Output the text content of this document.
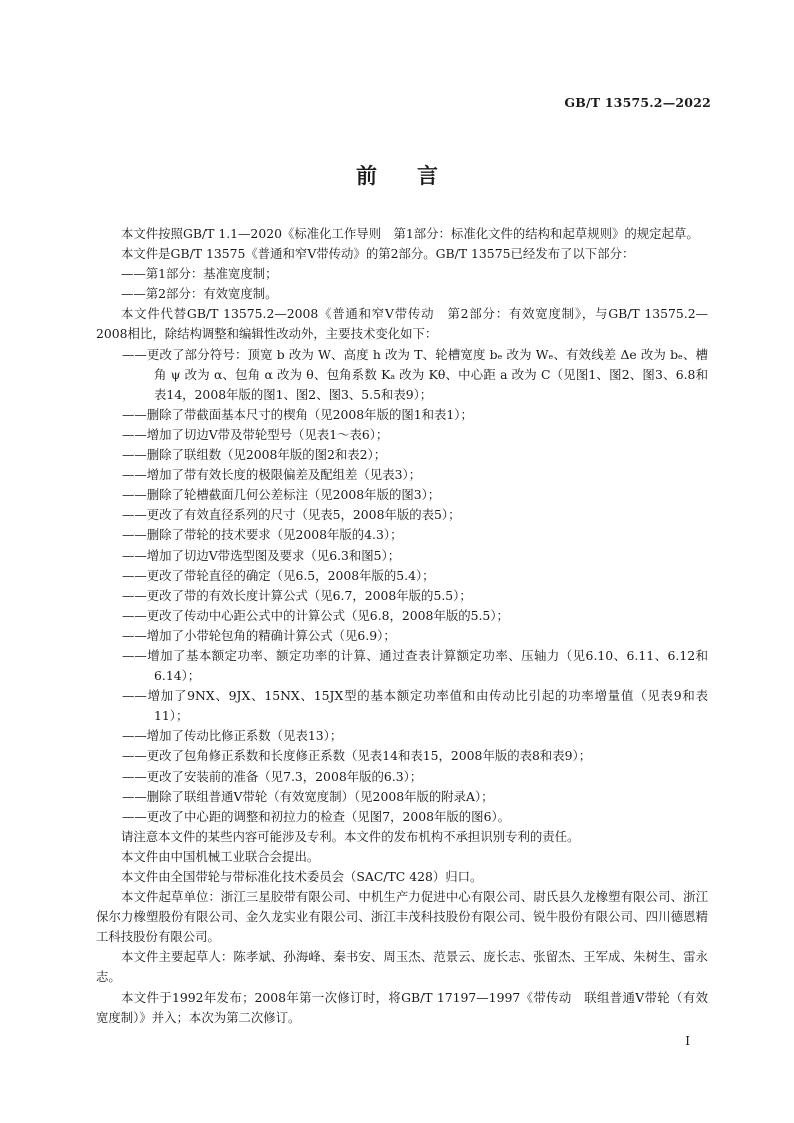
GB/T 13575.2—2022
前言

本文件按照GB/T 1.1—2020《标准化工作导则　第1部分：标准化文件的结构和起草规则》的规定起草。

本文件是GB/T 13575《普通和窄V带传动》的第2部分。GB/T 13575已经发布了以下部分：

——第1部分：基准宽度制；

——第2部分：有效宽度制。

本文件代替GB/T 13575.2—2008《普通和窄V带传动　第2部分：有效宽度制》，与GB/T 13575.2—2008相比，除结构调整和编辑性改动外，主要技术变化如下：

——更改了部分符号：顶宽 b 改为 W、高度 h 改为 T、轮槽宽度 bₑ 改为 Wₑ、有效线差 Δe 改为 bₑ、槽角 ψ 改为 α、包角 α 改为 θ、包角系数 Kₐ 改为 Kθ、中心距 a 改为 C（见图1、图2、图3、6.8和表14，2008年版的图1、图2、图3、5.5和表9）；

——删除了带截面基本尺寸的楔角（见2008年版的图1和表1）；

——增加了切边V带及带轮型号（见表1～表6）；

——删除了联组数（见2008年版的图2和表2）；

——增加了带有效长度的极限偏差及配组差（见表3）；

——删除了轮槽截面几何公差标注（见2008年版的图3）；

——更改了有效直径系列的尺寸（见表5，2008年版的表5）；

——删除了带轮的技术要求（见2008年版的4.3）；

——增加了切边V带选型图及要求（见6.3和图5）；

——更改了带轮直径的确定（见6.5，2008年版的5.4）；

——更改了带的有效长度计算公式（见6.7，2008年版的5.5）；

——更改了传动中心距公式中的计算公式（见6.8，2008年版的5.5）；

——增加了小带轮包角的精确计算公式（见6.9）；

——增加了基本额定功率、额定功率的计算、通过查表计算额定功率、压轴力（见6.10、6.11、6.12和6.14）；

——增加了9NX、9JX、15NX、15JX型的基本额定功率值和由传动比引起的功率增量值（见表9和表11）；

——增加了传动比修正系数（见表13）；

——更改了包角修正系数和长度修正系数（见表14和表15，2008年版的表8和表9）；

——更改了安装前的准备（见7.3，2008年版的6.3）；

——删除了联组普通V带轮（有效宽度制）（见2008年版的附录A）；

——更改了中心距的调整和初拉力的检查（见图7，2008年版的图6）。

请注意本文件的某些内容可能涉及专利。本文件的发布机构不承担识别专利的责任。

本文件由中国机械工业联合会提出。

本文件由全国带轮与带标准化技术委员会（SAC/TC 428）归口。

本文件起草单位：浙江三星胶带有限公司、中机生产力促进中心有限公司、尉氏县久龙橡塑有限公司、浙江保尔力橡塑股份有限公司、金久龙实业有限公司、浙江丰茂科技股份有限公司、锐牛股份有限公司、四川德恩精工科技股份有限公司。

本文件主要起草人：陈孝斌、孙海峰、秦书安、周玉杰、范景云、庞长志、张留杰、王军成、朱树生、雷永志。

本文件于1992年发布；2008年第一次修订时，将GB/T 17197—1997《带传动　联组普通V带轮（有效宽度制）》并入；本次为第二次修订。

I
